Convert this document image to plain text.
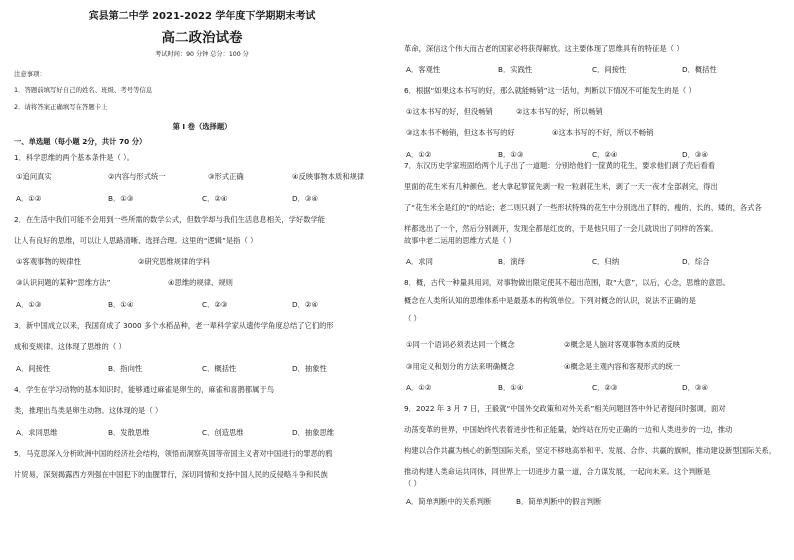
宾县第二中学 2021-2022 学年度下学期期末考试
高二政治试卷
考试时间：90 分钟 总分：100 分
注意事项：
1．答题前填写好自己的姓名、班级、考号等信息
2．请将答案正确填写在答题卡上
第 I 卷（选择题）
一、单选题（每小题 2分，共计 70 分）
1．科学思维的两个基本条件是（ ）。
①追问真实	②内容与形式统一	③形式正确	④反映事物本质和规律
A．①②	B．①③	C．②④	D．③④
2．在生活中我们可能不会用到一些所需的数学公式，但数学却与我们生活息息相关，学好数学能
让人有良好的思维，可以让人思路清晰、选择合理。这里的“逻辑”是指（ ）
①客观事物的规律性	②研究思维规律的学科
③认识问题的某种“思维方法”	④思维的规律、规则
A．①③	B．①④	C．②③	D．②④
3．新中国成立以来，我国育成了 3000 多个水稻品种，老一辈科学家从遗传学角度总结了它们的形
成和变规律。这体现了思维的（ ）
A．间接性	B．指向性	C．概括性	D．抽象性
4．学生在学习动物的基本知识时，能够通过麻雀是卵生的，麻雀和喜鹊都属于鸟
类，推理出鸟类是卵生动物。这体现的是（ ）
A．求同思维	B．发散思维	C．创造思维	D．抽象思维
5．马克思深入分析欧洲中国的经济社会结构，领悟而洞察英国等帝国主义者对中国进行的罪恶的鸦
片贸易，深刻揭露西方列强在中国犯下的血腥罪行，深切同情和支持中国人民的反侵略斗争和民族
革命，深信这个伟大而古老的国家必将获得解放。这主要体现了思维具有的特征是（ ）
A．客观性	B．实践性	C．间接性	D．概括性
6．根据“如果这本书写的好，那么就能畅销”这一话句，判断以下情况不可能发生的是（ ）
①这本书写的好，但没畅销	②这本书写的好，所以畅销
③这本书不畅销，但这本书写的好	④这本书写的不好，所以不畅销
A．①②	B．①③	C．②④	D．③④
7．东汉历史学家班固给两个儿子出了一道题：分别给他们一筐黄的花生，要求他们剥了壳后看看
里面的花生米有几种颜色。老大拿起箩筐先剥一粒一粒剥花生米，剥了一天一夜才全部剥完，得出
了“花生米全是红的”的结论；老二则只剥了一些形状特殊的花生中分别选出了胖的、瘦的、长的、矮的，各式各
样都选出了一个，然后分别剥开，发现全都是红皮的，于是他只用了一会儿就说出了同样的答案。
故事中老二运用的思维方式是（ ）
A．求同	B．演绎	C．归纳	D．综合
8．概，古代一种量具用词，对事物做出限定使其不超出范围，取“大意”，以后，心念，思维的意思。
概念在人类所认知的思维体系中是最基本的构筑单位。下列对概念的认识，说法不正确的是
（ ）
①同一个语词必须表达同一个概念	②概念是人脑对客观事物本质的反映
③用定义和划分的方法来明确概念	④概念是主观内容和客观形式的统一
A．①②	B．①④	C．②③	D．③④
9．2022 年 3 月 7 日，王毅就“中国外交政策和对外关系”相关问题回答中外记者提问时强调，面对
动荡变革的世界，中国始终代表着进步性和正能量，始终站在历史正确的一边和人类进步的一边，推动
构建以合作共赢为核心的新型国际关系，坚定不移地高举和平、发展、合作、共赢的旗帜，推动建设新型国际关系，
推动构建人类命运共同体，同世界上一切进步力量一道，合力谋发展，一起向未来。这个判断是
（ ）
A．简单判断中的关系判断	B．简单判断中的假言判断
